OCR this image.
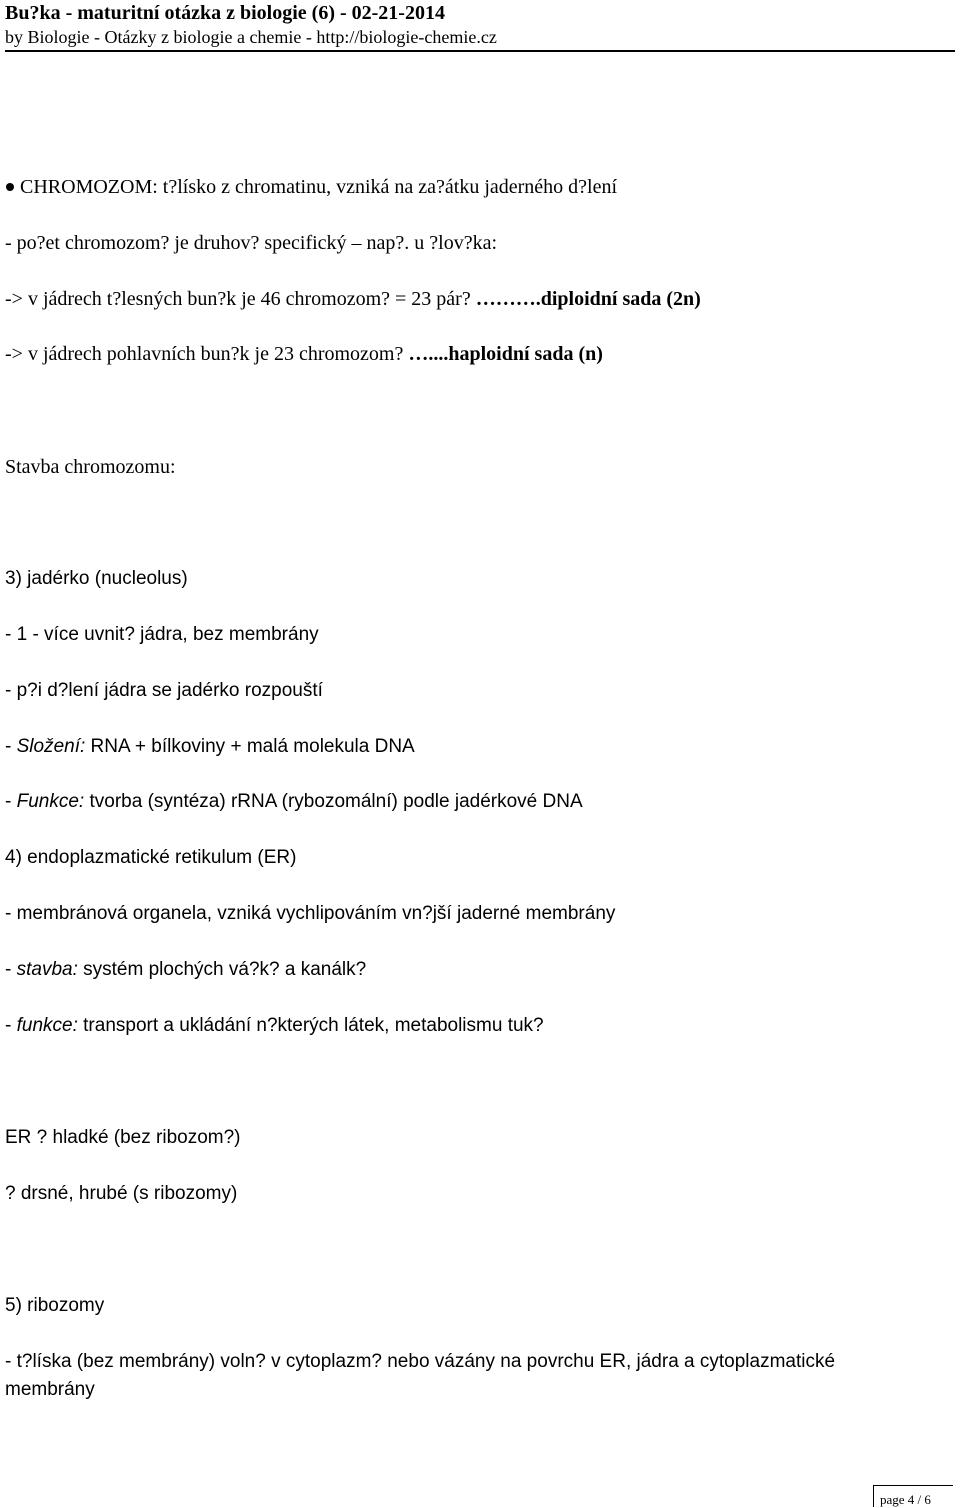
Bu?ka - maturitní otázka z biologie (6) - 02-21-2014
by Biologie - Otázky z biologie a chemie - http://biologie-chemie.cz
CHROMOZOM: t?lísko z chromatinu, vzniká na za?átku jaderného d?lení
- po?et chromozom? je druhov? specifický – nap?. u ?lov?ka:
-> v jádrech t?lesných bun?k je 46 chromozom? = 23 pár? ……….diploidní sada (2n)
-> v jádrech pohlavních bun?k je 23 chromozom? …....haploidní sada (n)
Stavba chromozomu:
3) jadérko (nucleolus)
- 1 - více uvnit? jádra, bez membrány
- p?i d?lení jádra se jadérko rozpouští
- Složení: RNA + bílkoviny + malá molekula DNA
- Funkce: tvorba (syntéza) rRNA (rybozomální) podle jadérkové DNA
4) endoplazmatické retikulum (ER)
- membránová organela, vzniká vychlipováním vn?jší jaderné membrány
- stavba: systém plochých vá?k? a kanálk?
- funkce: transport a ukládání n?kterých látek, metabolismu tuk?
ER ? hladké (bez ribozom?)
? drsné, hrubé (s ribozomy)
5) ribozomy
- t?líska (bez membrány) voln? v cytoplazm? nebo vázány na povrchu ER, jádra a cytoplazmatické
membrány
page 4 / 6
